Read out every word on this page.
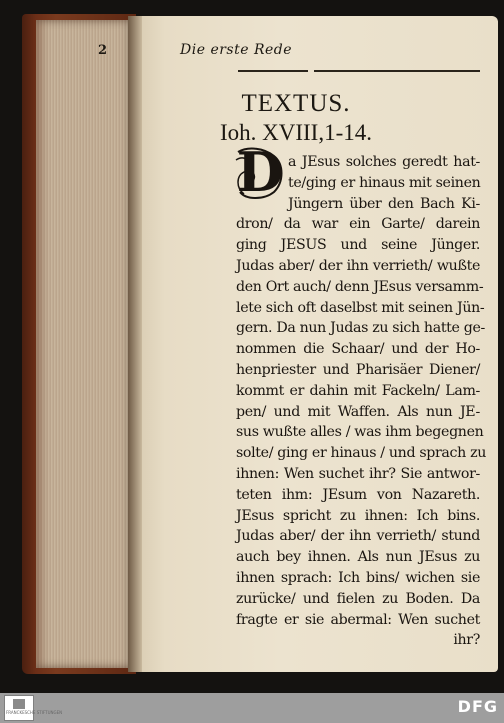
2	Die erste Rede
TEXTUS.
Ioh. XVIII,1-14.
D a JEsus solches geredt hat-
te/ging er hinaus mit seinen
Jüngern über den Bach Ki-
dron/ da war ein Garte/ darein
ging JESUS und seine Jünger.
Judas aber/ der ihn verrieth/ wußte
den Ort auch/ denn JEsus versamm-
lete sich oft daselbst mit seinen Jün-
gern. Da nun Judas zu sich hatte ge-
nommen die Schaar/ und der Ho-
henpriester und Pharisäer Diener/
kommt er dahin mit Fackeln/ Lam-
pen/ und mit Waffen. Als nun JE-
sus wußte alles / was ihm begegnen
solte/ ging er hinaus / und sprach zu
ihnen: Wen suchet ihr? Sie antwor-
teten ihm: JEsum von Nazareth.
JEsus spricht zu ihnen: Ich bins.
Judas aber/ der ihn verrieth/ stund
auch bey ihnen. Als nun JEsus zu
ihnen sprach: Ich bins/ wichen sie
zurücke/ und fielen zu Boden. Da
fragte er sie abermal: Wen suchet
ihr?
FRANCKESCHE STIFTUNGEN	DFG
